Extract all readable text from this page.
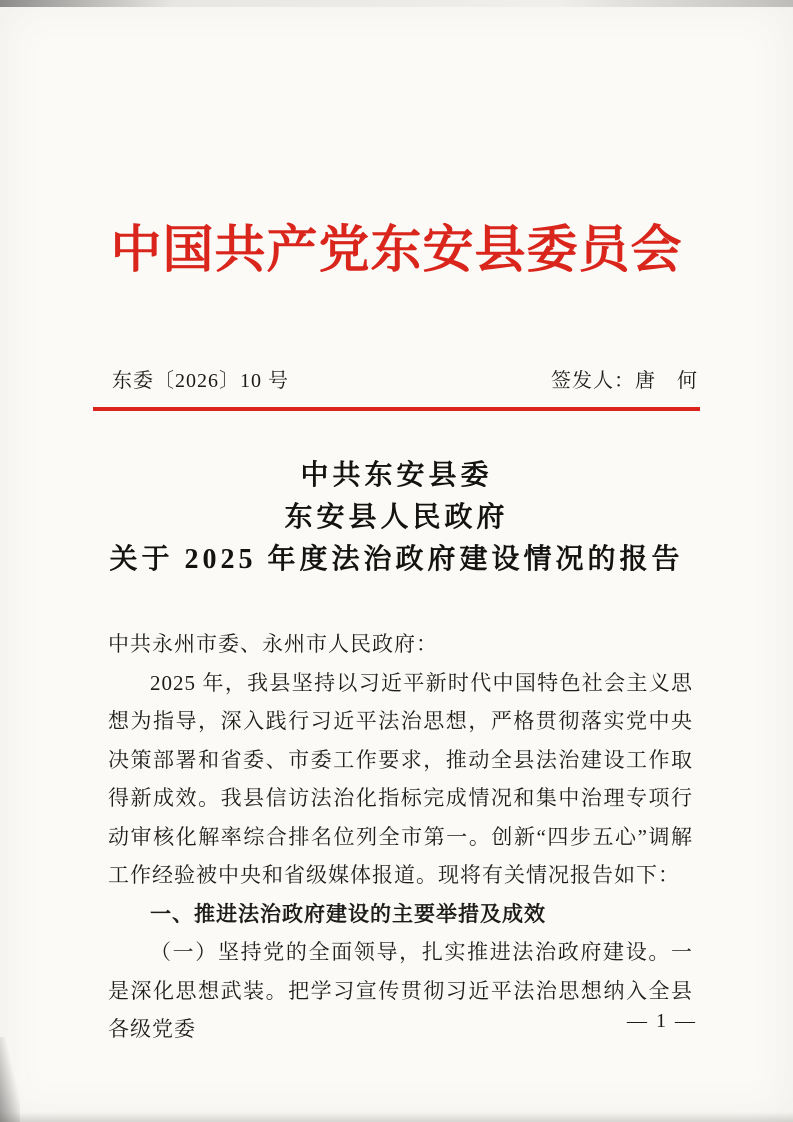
中国共产党东安县委员会
东委〔2026〕10 号	签发人：唐　何
中共东安县委
东安县人民政府
关于 2025 年度法治政府建设情况的报告

中共永州市委、永州市人民政府：

2025 年，我县坚持以习近平新时代中国特色社会主义思想为指导，深入践行习近平法治思想，严格贯彻落实党中央决策部署和省委、市委工作要求，推动全县法治建设工作取得新成效。我县信访法治化指标完成情况和集中治理专项行动审核化解率综合排名位列全市第一。创新“四步五心”调解工作经验被中央和省级媒体报道。现将有关情况报告如下：

一、推进法治政府建设的主要举措及成效

（一）坚持党的全面领导，扎实推进法治政府建设。一是深化思想武装。把学习宣传贯彻习近平法治思想纳入全县各级党委	— 1 —
